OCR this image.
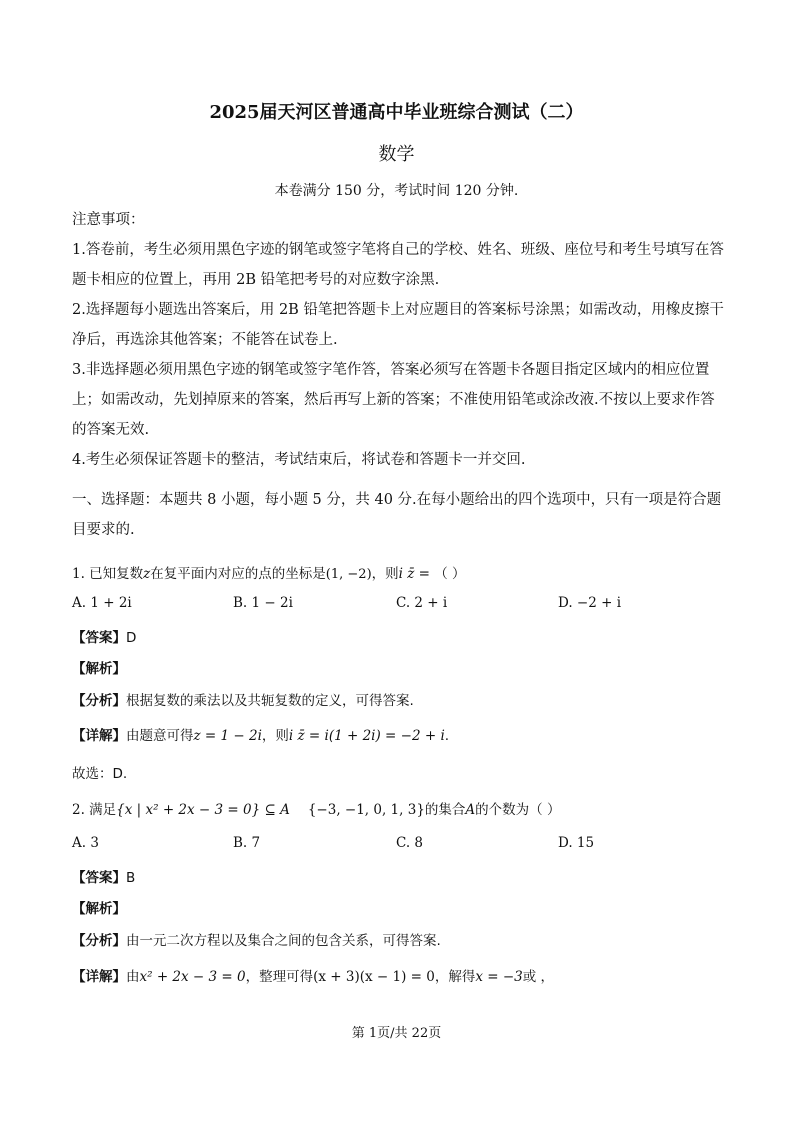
2025届天河区普通高中毕业班综合测试（二）
数学
本卷满分 150 分，考试时间 120 分钟.
注意事项：

1.答卷前，考生必须用黑色字迹的钢笔或签字笔将自己的学校、姓名、班级、座位号和考生号填写在答题卡相应的位置上，再用 2B 铅笔把考号的对应数字涂黑.

2.选择题每小题选出答案后，用 2B 铅笔把答题卡上对应题目的答案标号涂黑；如需改动，用橡皮擦干净后，再选涂其他答案；不能答在试卷上.

3.非选择题必须用黑色字迹的钢笔或签字笔作答，答案必须写在答题卡各题目指定区域内的相应位置上；如需改动，先划掉原来的答案，然后再写上新的答案；不准使用铅笔或涂改液.不按以上要求作答的答案无效.

4.考生必须保证答题卡的整洁，考试结束后，将试卷和答题卡一并交回.

一、选择题：本题共 8 小题，每小题 5 分，共 40 分.在每小题给出的四个选项中，只有一项是符合题目要求的.
1. 已知复数z在复平面内对应的点的坐标是(1, −2)，则i z̄ = （ ）
A. 1 + 2i	B. 1 − 2i	C. 2 + i	D. −2 + i
【答案】D
【解析】
【分析】根据复数的乘法以及共轭复数的定义，可得答案.
【详解】由题意可得z = 1 − 2i，则i z̄ = i(1 + 2i) = −2 + i.
故选：D.
2. 满足{x | x² + 2x − 3 = 0} ⊆ A {−3, −1, 0, 1, 3}的集合A的个数为（ ）
A. 3	B. 7	C. 8	D. 15
【答案】B
【解析】
【分析】由一元二次方程以及集合之间的包含关系，可得答案.
【详解】由x² + 2x − 3 = 0，整理可得(x + 3)(x − 1) = 0，解得x = −3或 ，
第 1页/共 22页
